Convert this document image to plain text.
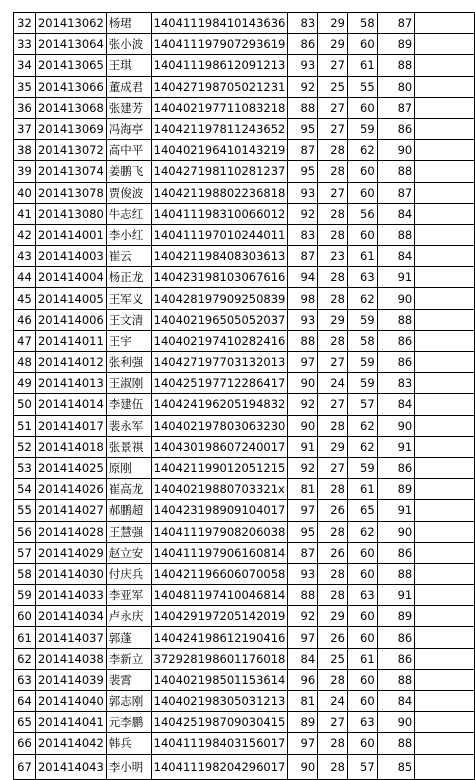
32	201413062	杨珺	140411198410143636	83	29	58	87	
33	201413064	张小波	140411197907293619	86	29	60	89	
34	201413065	王琪	140411198612091213	93	27	61	88	
35	201413066	董成君	140427198705021231	92	25	55	80	
36	201413068	张建芳	140402197711083218	88	27	60	87	
37	201413069	冯海亭	140421197811243652	95	27	59	86	
38	201413072	高中平	140402196410143219	87	28	62	90	
39	201413074	姜鹏飞	140427198110281237	95	28	60	88	
40	201413078	贾俊波	140421198802236818	93	27	60	87	
41	201413080	牛志红	140411198310066012	92	28	56	84	
42	201414001	李小红	140411197010244011	83	28	60	88	
43	201414003	崔云	140421198408303613	87	23	61	84	
44	201414004	杨正龙	140423198103067616	94	28	63	91	
45	201414005	王军义	140428197909250839	98	28	62	90	
46	201414006	王文清	140402196505052037	93	29	59	88	
47	201414011	王宇	140402197410282416	88	28	58	86	
48	201414012	张利强	140427197703132013	97	27	59	86	
49	201414013	王淑刚	140425197712286417	90	24	59	83	
50	201414014	李建伍	140424196205194832	92	27	57	84	
51	201414017	裴永军	140402197803063230	90	28	62	90	
52	201414018	张景祺	140430198607240017	91	29	62	91	
53	201414025	原刚	140421199012051215	92	27	59	86	
54	201414026	崔高龙	14040219880703321x	81	28	61	89	
55	201414027	郝鹏超	140423198909104017	97	26	65	91	
56	201414028	王慧强	140411197908206038	95	28	62	90	
57	201414029	赵立安	140411197906160814	87	26	60	86	
58	201414030	付庆兵	140421196606070058	93	28	60	88	
59	201414033	李亚军	140481197410046814	88	28	63	91	
60	201414034	卢永庆	140429197205142019	92	29	60	89	
61	201414037	郭蓬	140424198612190416	97	26	60	86	
62	201414038	李新立	372928198601176018	84	25	61	86	
63	201414039	裴霄	140402198501153614	96	28	60	88	
64	201414040	郭志刚	140402198305031213	81	24	60	84	
65	201414041	元李鹏	140425198709030415	89	27	63	90	
66	201414042	韩兵	140411198403156017	97	28	60	88	
67	201414043	李小明	140411198204296017	90	28	57	85	
